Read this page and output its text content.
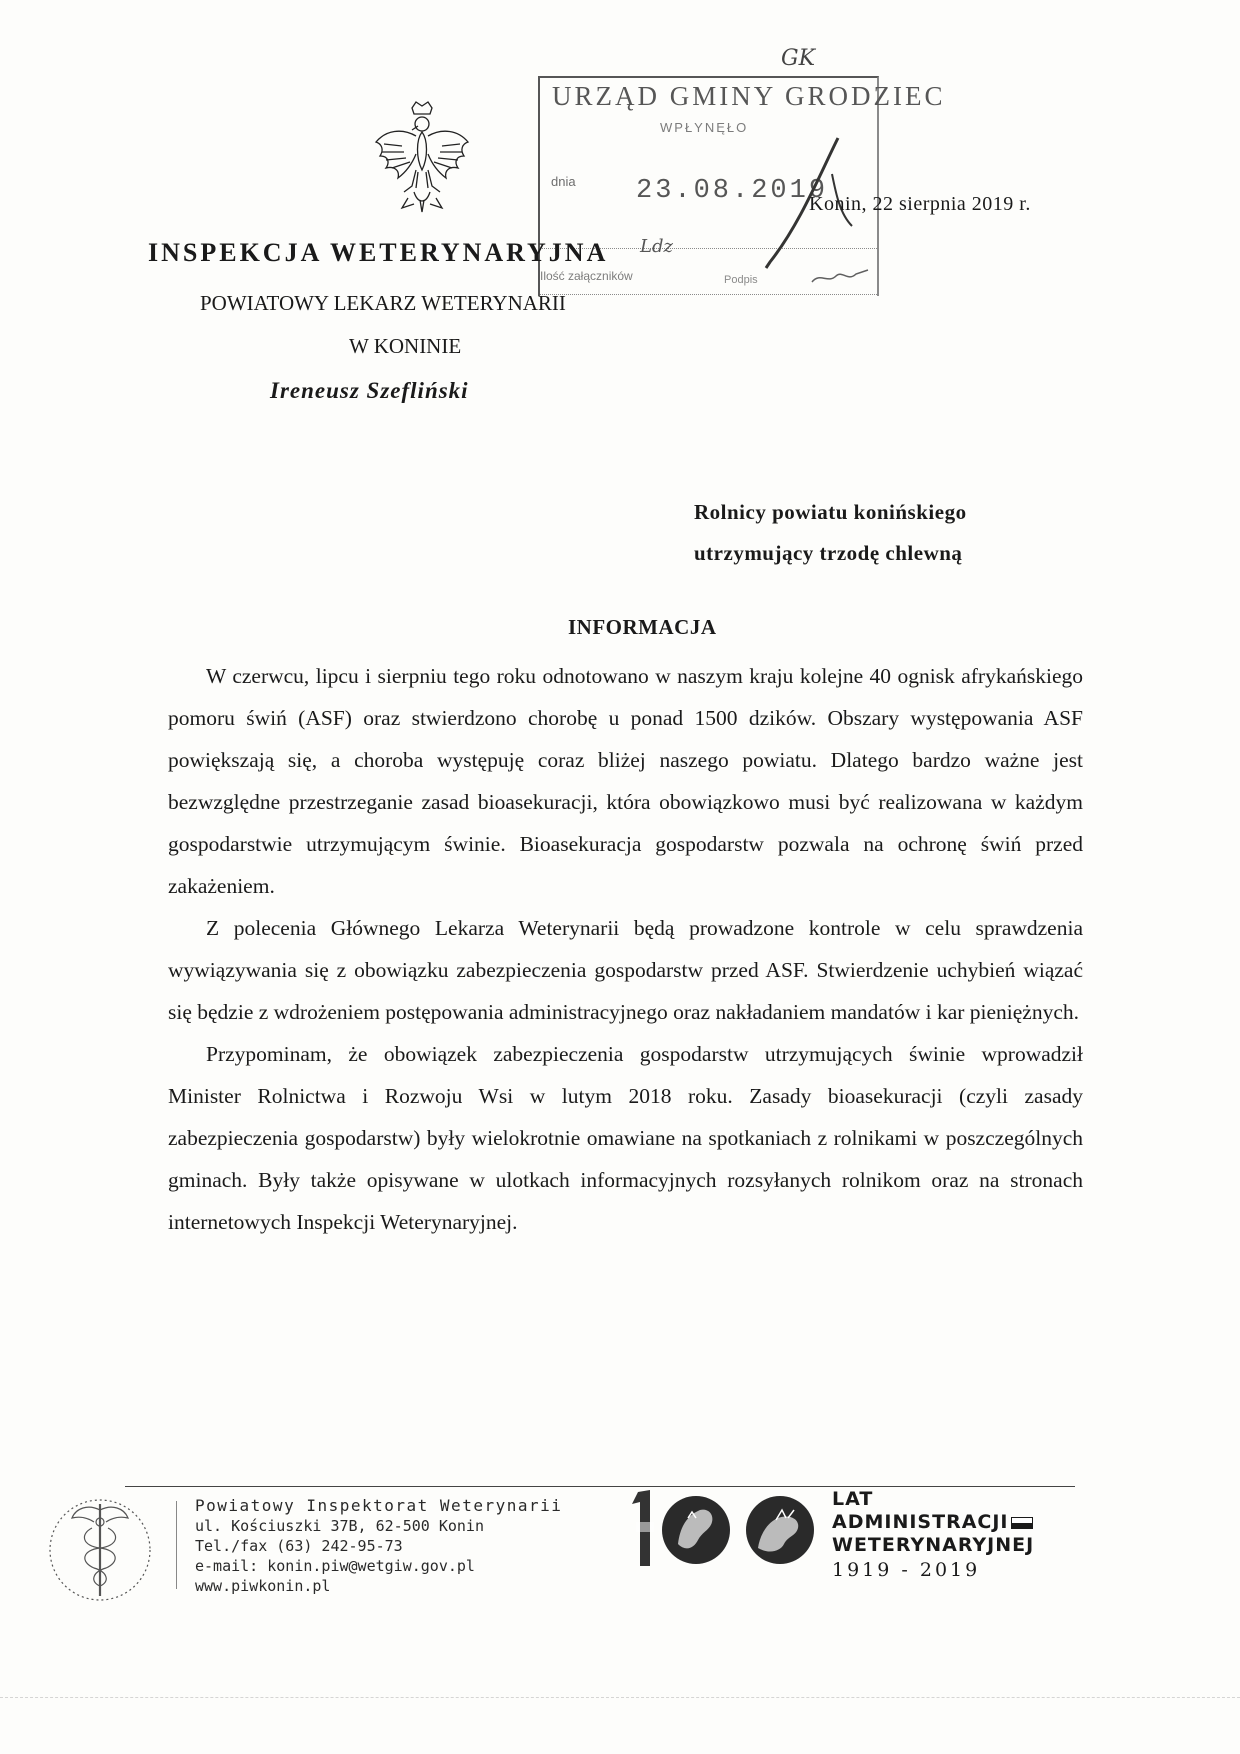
GK
URZĄD GMINY GRODZIEC
WPŁYNĘŁO
dnia 23.08.2019
Ilość załączników	Podpis
Ldz
Konin, 22 sierpnia 2019 r.
INSPEKCJA WETERYNARYJNA
POWIATOWY LEKARZ WETERYNARII
W KONINIE
Ireneusz Szefliński
Rolnicy powiatu konińskiego
utrzymujący trzodę chlewną
INFORMACJA

W czerwcu, lipcu i sierpniu tego roku odnotowano w naszym kraju kolejne 40 ognisk afrykańskiego pomoru świń (ASF) oraz stwierdzono chorobę u ponad 1500 dzików. Obszary występowania ASF powiększają się, a choroba występuję coraz bliżej naszego powiatu. Dlatego bardzo ważne jest bezwzględne przestrzeganie zasad bioasekuracji, która obowiązkowo musi być realizowana w każdym gospodarstwie utrzymującym świnie. Bioasekuracja gospodarstw pozwala na ochronę świń przed zakażeniem.

Z polecenia Głównego Lekarza Weterynarii będą prowadzone kontrole w celu sprawdzenia wywiązywania się z obowiązku zabezpieczenia gospodarstw przed ASF. Stwierdzenie uchybień wiązać się będzie z wdrożeniem postępowania administracyjnego oraz nakładaniem mandatów i kar pieniężnych.

Przypominam, że obowiązek zabezpieczenia gospodarstw utrzymujących świnie wprowadził Minister Rolnictwa i Rozwoju Wsi w lutym 2018 roku. Zasady bioasekuracji (czyli zasady zabezpieczenia gospodarstw) były wielokrotnie omawiane na spotkaniach z rolnikami w poszczególnych gminach. Były także opisywane w ulotkach informacyjnych rozsyłanych rolnikom oraz na stronach internetowych Inspekcji Weterynaryjnej.

Powiatowy Inspektorat Weterynarii
ul. Kościuszki 37B, 62-500 Konin
Tel./fax (63) 242-95-73
e-mail: konin.piw@wetgiw.gov.pl
www.piwkonin.pl
LAT
ADMINISTRACJI
WETERYNARYJNEJ
1919 - 2019
